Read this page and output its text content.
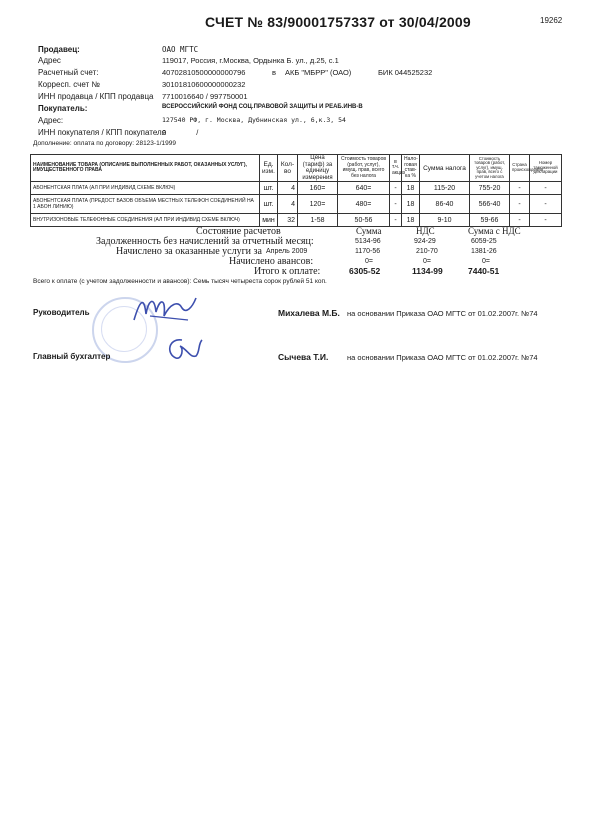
СЧЕТ № 83/90001757337 от 30/04/2009	19262
Продавец:	ОАО МГТС
Адрес	119017, Россия, г.Москва, Ордынка Б. ул., д.25, с.1
Расчетный счет:	40702810500000000796	в АКБ "МБРР" (ОАО)	БИК 044525232
Корресп. счет №	30101810600000000232
ИНН продавца / КПП продавца 7710016640 / 997750001
Покупатель:	ВСЕРОССИЙСКИЙ ФОНД СОЦ.ПРАВОВОЙ ЗАЩИТЫ И РЕАБ.ИНВ-В
Адрес:	127540 РФ, г. Москва, Дубнинская ул., 6,к.3, 54
ИНН покупателя / КПП покупателя
0 /
Дополнение: оплата по договору: 28123-1/1999
НАИМЕНОВАНИЕ ТОВАРА (ОПИСАНИЕ ВЫПОЛНЕННЫХ РАБОТ, ОКАЗАННЫХ УСЛУГ), ИМУЩЕСТВЕННОГО ПРАВА	Ед. изм.	Кол-во	Цена (тариф) за единицу измерения	Стоимость товаров (работ, услуг), имущ. прав, всего без налога	в т.ч. акциз	Нало- говая став- ка %	Сумма налога	Стоимость товаров (работ, услуг), имущ. прав, всего с учетом налога	Страна происхождения	Номер таможенной декларации
АБОНЕНТСКАЯ ПЛАТА (АЛ ПРИ ИНДИВИД СХЕМЕ ВКЛЮЧ)	шт.	4	160=	640=	-	18	115-20	755-20	-	-
АБОНЕНТСКАЯ ПЛАТА (ПРЕДОСТ БАЗОВ ОБЪЕМА МЕСТНЫХ ТЕЛЕФОН СОЕДИНЕНИЙ НА 1 АБОН ЛИНИЮ)	шт.	4	120=	480=	-	18	86-40	566-40	-	-
ВНУТРИЗОНОВЫЕ ТЕЛЕФОННЫЕ СОЕДИНЕНИЯ (АЛ ПРИ ИНДИВИД СХЕМЕ ВКЛЮЧ)	мин	32	1-58	50-56	-	18	9-10	59-66	-	-
Состояние расчетов	Сумма	НДС	Сумма с НДС
Задолженность без начислений за отчетный месяц:	5134-96	924-29	6059-25
Начислено за оказанные услуги за Апрель 2009	1170-56	210-70	1381-26
Начислено авансов:	0=	0=	0=
Итого к оплате:	6305-52	1134-99	7440-51
Всего к оплате (с учетом задолженности и авансов): Семь тысяч четыреста сорок рублей 51 коп.
Руководитель	Михалева М.Б. на основании Приказа ОАО МГТС от 01.02.2007г. №74
Главный бухгалтер	Сычева Т.И. на основании Приказа ОАО МГТС от 01.02.2007г. №74
